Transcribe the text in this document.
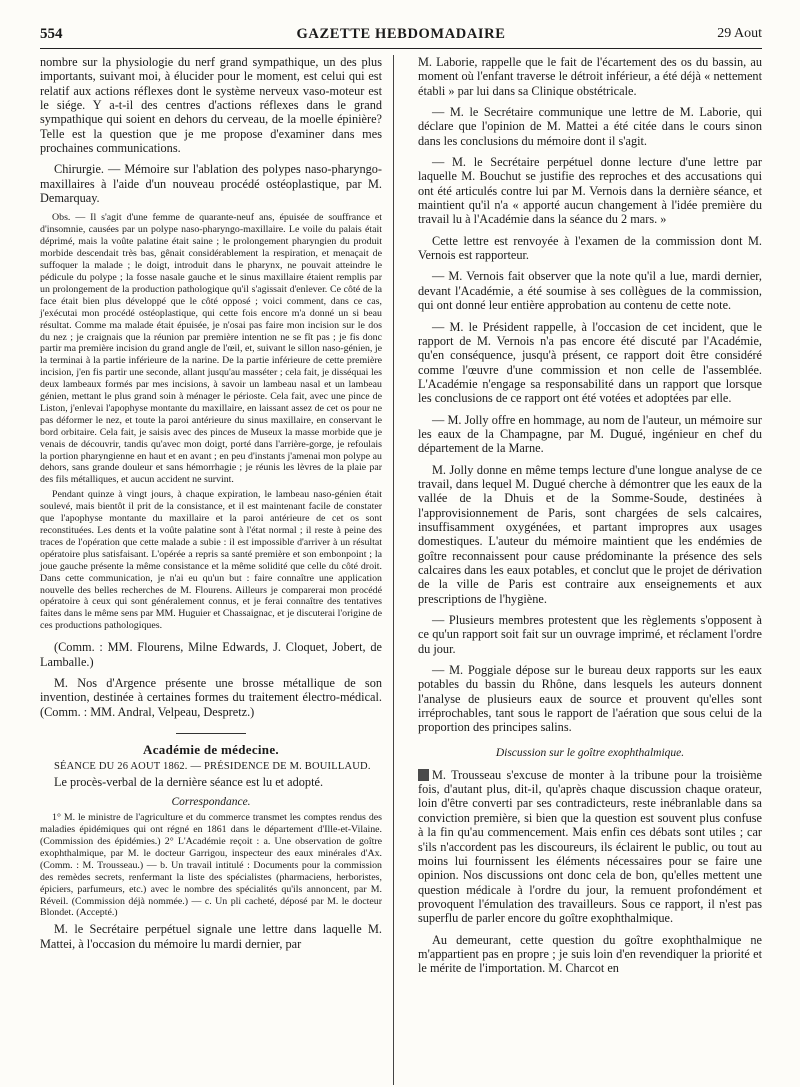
554	GAZETTE HEBDOMADAIRE	29 Aout

nombre sur la physiologie du nerf grand sympathique, un des plus importants, suivant moi, à élucider pour le moment, est celui qui est relatif aux actions réflexes dont le système nerveux vaso-moteur est le siége. Y a-t-il des centres d'actions réflexes dans le grand sympathique qui soient en dehors du cerveau, de la moelle épinière? Telle est la question que je me propose d'examiner dans mes prochaines communications.

Chirurgie. — Mémoire sur l'ablation des polypes naso-pharyngo-maxillaires à l'aide d'un nouveau procédé ostéoplastique, par M. Demarquay.

Obs. — Il s'agit d'une femme de quarante-neuf ans, épuisée de souffrance et d'insomnie, causées par un polype naso-pharyngo-maxillaire. Le voile du palais était déprimé, mais la voûte palatine était saine ; le prolongement pharyngien du produit morbide descendait très bas, gênait considérablement la respiration, et menaçait de suffoquer la malade ; le doigt, introduit dans le pharynx, ne pouvait atteindre le pédicule du polype ; la fosse nasale gauche et le sinus maxillaire étaient remplis par un prolongement de la production pathologique qu'il s'agissait d'enlever. Ce côté de la face était bien plus développé que le côté opposé ; voici comment, dans ce cas, j'exécutai mon procédé ostéoplastique, qui cette fois encore m'a donné un si beau résultat. Comme ma malade était épuisée, je n'osai pas faire mon incision sur le dos du nez ; je craignais que la réunion par première intention ne se fît pas ; je fis donc partir ma première incision du grand angle de l'œil, et, suivant le sillon naso-génien, je la terminai à la partie inférieure de la narine. De la partie inférieure de cette première incision, j'en fis partir une seconde, allant jusqu'au masséter ; cela fait, je disséquai les deux lambeaux formés par mes incisions, à savoir un lambeau nasal et un lambeau génien, mettant le plus grand soin à ménager le périoste. Cela fait, avec une pince de Liston, j'enlevai l'apophyse montante du maxillaire, en laissant assez de cet os pour ne pas déformer le nez, et toute la paroi antérieure du sinus maxillaire, en conservant le bord orbitaire. Cela fait, je saisis avec des pinces de Museux la masse morbide que je venais de découvrir, tandis qu'avec mon doigt, porté dans l'arrière-gorge, je refoulais la portion pharyngienne en haut et en avant ; en peu d'instants j'amenai mon polype au dehors, sans grande douleur et sans hémorrhagie ; je réunis les lèvres de la plaie par des fils métalliques, et aucun accident ne survint.

Pendant quinze à vingt jours, à chaque expiration, le lambeau naso-génien était soulevé, mais bientôt il prit de la consistance, et il est maintenant facile de constater que l'apophyse montante du maxillaire et la paroi antérieure de cet os sont reconstituées. Les dents et la voûte palatine sont à l'état normal ; il reste à peine des traces de l'opération que cette malade a subie : il est impossible d'arriver à un résultat opératoire plus satisfaisant. L'opérée a repris sa santé première et son embonpoint ; la joue gauche présente la même consistance et la même solidité que celle du côté droit. Dans cette communication, je n'ai eu qu'un but : faire connaître une application nouvelle des belles recherches de M. Flourens. Ailleurs je comparerai mon procédé opératoire à ceux qui sont généralement connus, et je ferai connaître des tentatives faites dans le même sens par MM. Huguier et Chassaignac, et je discuterai l'origine de ces productions pathologiques.

(Comm. : MM. Flourens, Milne Edwards, J. Cloquet, Jobert, de Lamballe.)

M. Nos d'Argence présente une brosse métallique de son invention, destinée à certaines formes du traitement électro-médical. (Comm. : MM. Andral, Velpeau, Despretz.)

Académie de médecine.

SÉANCE DU 26 AOUT 1862. — PRÉSIDENCE DE M. BOUILLAUD.

Le procès-verbal de la dernière séance est lu et adopté.

Correspondance.

1° M. le ministre de l'agriculture et du commerce transmet les comptes rendus des maladies épidémiques qui ont régné en 1861 dans le département d'Ille-et-Vilaine. (Commission des épidémies.) 2° L'Académie reçoit : a. Une observation de goître exophthalmique, par M. le docteur Garrigou, inspecteur des eaux minérales d'Ax. (Comm. : M. Trousseau.) — b. Un travail intitulé : Documents pour la commission des remèdes secrets, renfermant la liste des spécialistes (pharmaciens, herboristes, épiciers, parfumeurs, etc.) avec le nombre des spécialités qu'ils annoncent, par M. Réveil. (Commission déjà nommée.) — c. Un pli cacheté, déposé par M. le docteur Blondet. (Accepté.)

M. le Secrétaire perpétuel signale une lettre dans laquelle M. Mattei, à l'occasion du mémoire lu mardi dernier, par

M. Laborie, rappelle que le fait de l'écartement des os du bassin, au moment où l'enfant traverse le détroit inférieur, a été déjà « nettement établi » par lui dans sa Clinique obstétricale.

— M. le Secrétaire communique une lettre de M. Laborie, qui déclare que l'opinion de M. Mattei a été citée dans le cours sinon dans les conclusions du mémoire dont il s'agit.

— M. le Secrétaire perpétuel donne lecture d'une lettre par laquelle M. Bouchut se justifie des reproches et des accusations qui ont été articulés contre lui par M. Vernois dans la dernière séance, et maintient qu'il n'a « apporté aucun changement à l'idée première du travail lu à l'Académie dans la séance du 2 mars. »

Cette lettre est renvoyée à l'examen de la commission dont M. Vernois est rapporteur.

— M. Vernois fait observer que la note qu'il a lue, mardi dernier, devant l'Académie, a été soumise à ses collègues de la commission, qui ont donné leur entière approbation au contenu de cette note.

— M. le Président rappelle, à l'occasion de cet incident, que le rapport de M. Vernois n'a pas encore été discuté par l'Académie, qu'en conséquence, jusqu'à présent, ce rapport doit être considéré comme l'œuvre d'une commission et non celle de l'assemblée. L'Académie n'engage sa responsabilité dans un rapport que lorsque les conclusions de ce rapport ont été votées et adoptées par elle.

— M. Jolly offre en hommage, au nom de l'auteur, un mémoire sur les eaux de la Champagne, par M. Dugué, ingénieur en chef du département de la Marne.

M. Jolly donne en même temps lecture d'une longue analyse de ce travail, dans lequel M. Dugué cherche à démontrer que les eaux de la vallée de la Dhuis et de la Somme-Soude, destinées à l'approvisionnement de Paris, sont chargées de sels calcaires, insuffisamment oxygénées, et partant impropres aux usages domestiques. L'auteur du mémoire maintient que les endémies de goître reconnaissent pour cause prédominante la présence des sels calcaires dans les eaux potables, et conclut que le projet de dérivation de la ville de Paris est contraire aux enseignements et aux prescriptions de l'hygiène.

— Plusieurs membres protestent que les règlements s'opposent à ce qu'un rapport soit fait sur un ouvrage imprimé, et réclament l'ordre du jour.

— M. Poggiale dépose sur le bureau deux rapports sur les eaux potables du bassin du Rhône, dans lesquels les auteurs donnent l'analyse de plusieurs eaux de source et prouvent qu'elles sont irréprochables, tant sous le rapport de l'aération que sous celui de la proportion des principes salins.

Discussion sur le goître exophthalmique.

M. Trousseau s'excuse de monter à la tribune pour la troisième fois, d'autant plus, dit-il, qu'après chaque discussion chaque orateur, loin d'être converti par ses contradicteurs, reste inébranlable dans sa conviction première, si bien que la question est souvent plus confuse à la fin qu'au commencement. Mais enfin ces débats sont utiles ; car s'ils n'accordent pas les discoureurs, ils éclairent le public, ou tout au moins lui fournissent les éléments nécessaires pour se faire une opinion. Nos discussions ont donc cela de bon, qu'elles mettent une question médicale à l'ordre du jour, la remuent profondément et provoquent l'émulation des travailleurs. Sous ce rapport, il n'est pas superflu de parler encore du goître exophthalmique.

Au demeurant, cette question du goître exophthalmique ne m'appartient pas en propre ; je suis loin d'en revendiquer la priorité et le mérite de l'importation. M. Charcot en
